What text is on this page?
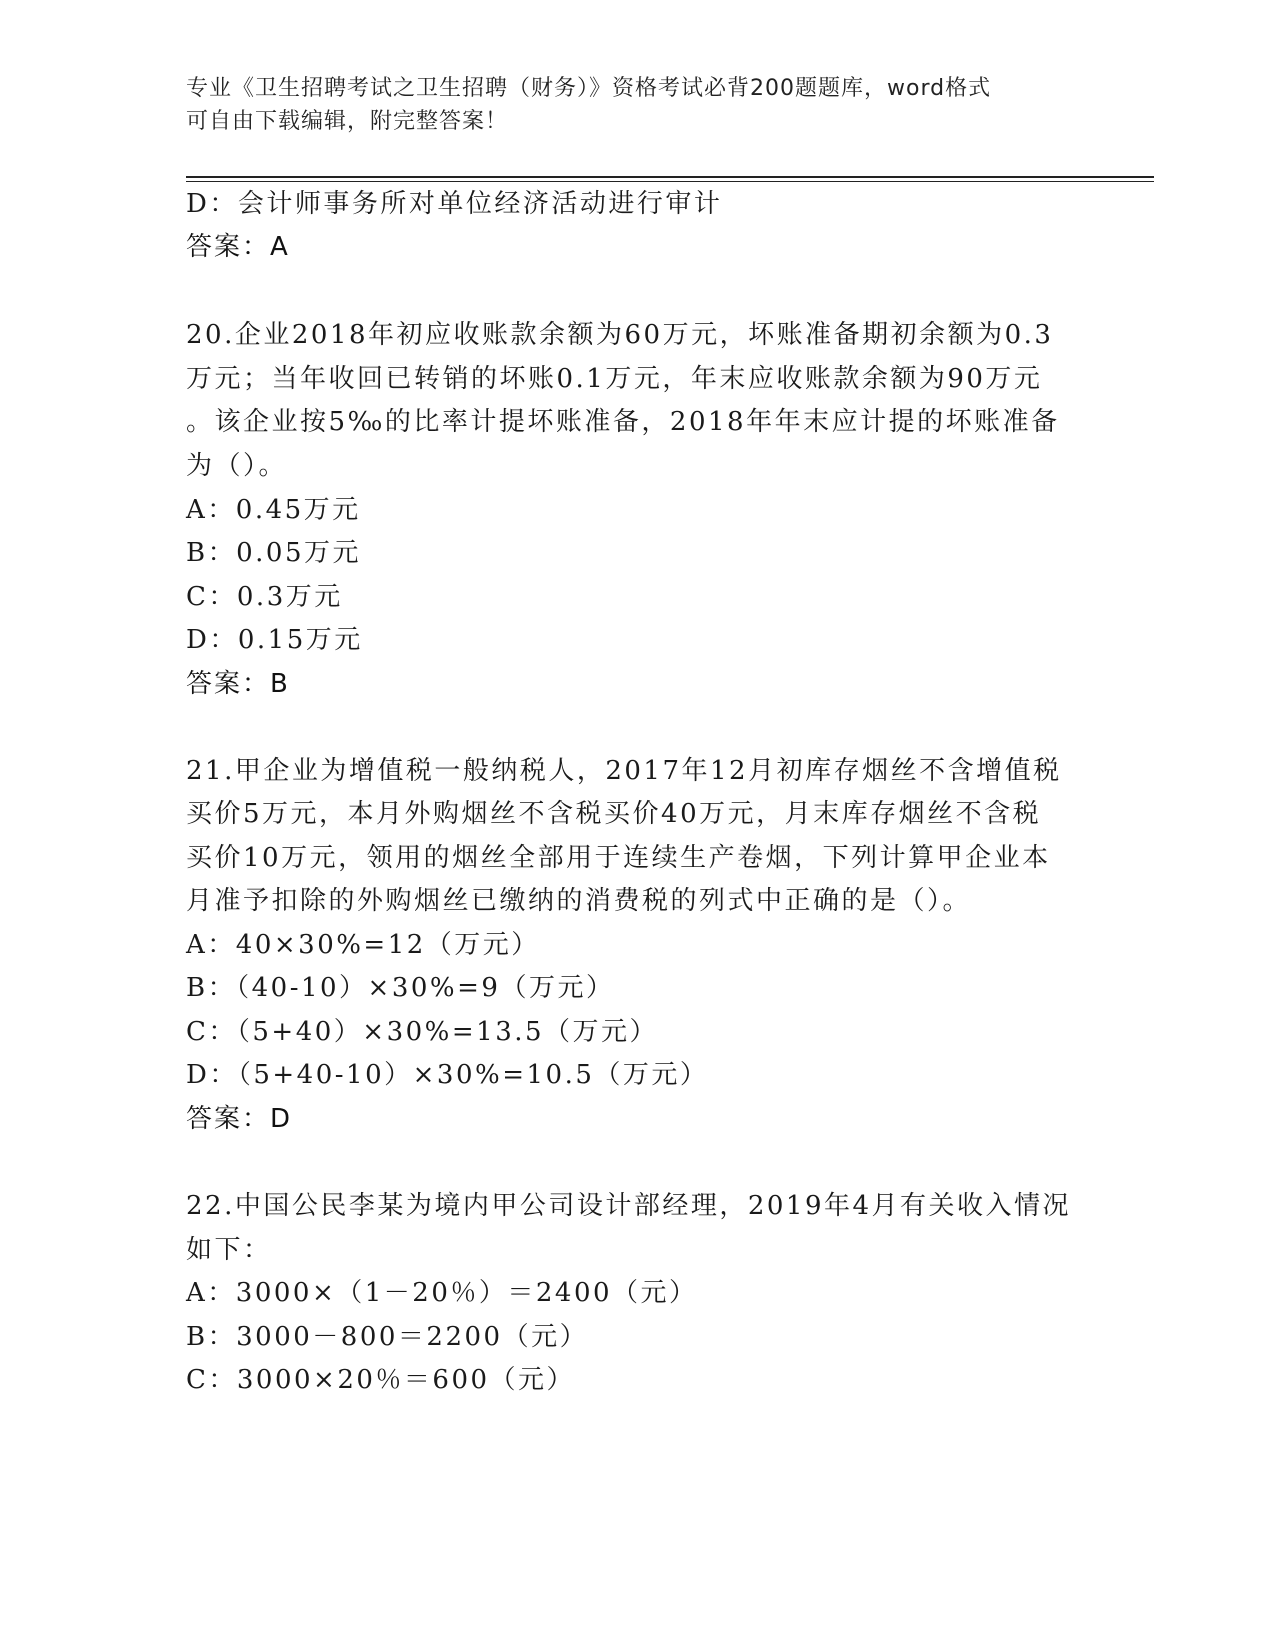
专业《卫生招聘考试之卫生招聘（财务）》资格考试必背200题题库，word格式
可自由下载编辑，附完整答案！
D：会计师事务所对单位经济活动进行审计
答案：A
20.企业2018年初应收账款余额为60万元，坏账准备期初余额为0.3
万元；当年收回已转销的坏账0.1万元，年末应收账款余额为90万元
。该企业按5‰的比率计提坏账准备，2018年年末应计提的坏账准备
为（）。
A：0.45万元
B：0.05万元
C：0.3万元
D：0.15万元
答案：B
21.甲企业为增值税一般纳税人，2017年12月初库存烟丝不含增值税
买价5万元，本月外购烟丝不含税买价40万元，月末库存烟丝不含税
买价10万元，领用的烟丝全部用于连续生产卷烟，下列计算甲企业本
月准予扣除的外购烟丝已缴纳的消费税的列式中正确的是（）。
A：40×30%=12（万元）
B：（40-10）×30%=9（万元）
C：（5+40）×30%=13.5（万元）
D：（5+40-10）×30%=10.5（万元）
答案：D
22.中国公民李某为境内甲公司设计部经理，2019年4月有关收入情况
如下：
A：3000×（1－20％）＝2400（元）
B：3000－800＝2200（元）
C：3000×20％＝600（元）
